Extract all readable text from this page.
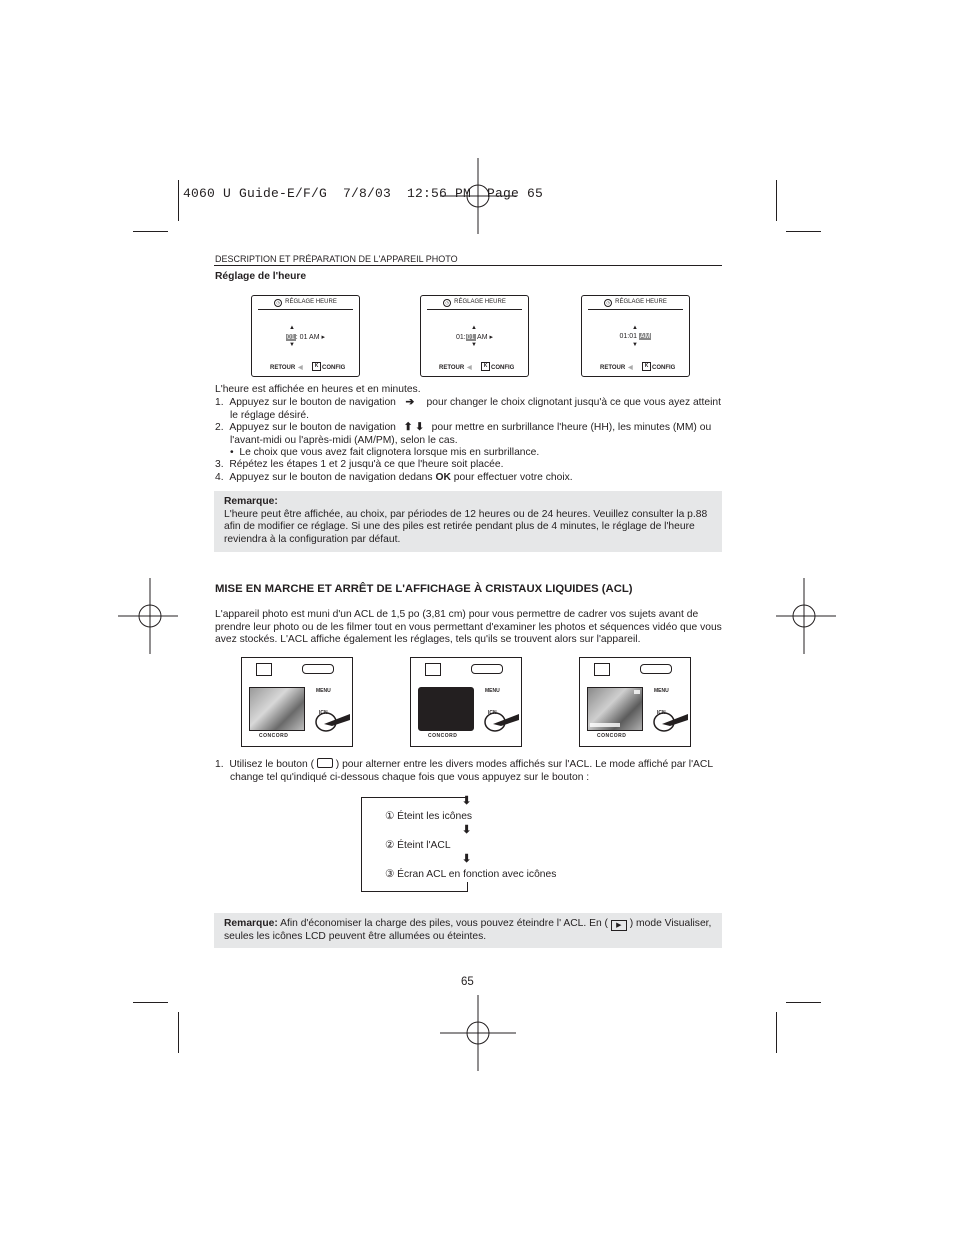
4060 U Guide-E/F/G  7/8/03  12:56 PM  Page 65
DESCRIPTION ET PRÉPARATION DE L'APPAREIL PHOTO
Réglage de l'heure
◷ RÉGLAGE HEURE
▲
01: 01 AM ▸
▼
RETOUR ◀	K CONFIG
◷ RÉGLAGE HEURE
▲
01:01 AM ▸
▼
RETOUR ◀	K CONFIG
◷ RÉGLAGE HEURE
▲
01:01 AM
▼
RETOUR ◀	K CONFIG
L'heure est affichée en heures et en minutes.
1. Appuyez sur le bouton de navigation ➔ pour changer le choix clignotant jusqu'à ce que vous ayez atteint
le réglage désiré.
2. Appuyez sur le bouton de navigation ⬆ ⬇ pour mettre en surbrillance l'heure (HH), les minutes (MM) ou
l'avant-midi ou l'après-midi (AM/PM), selon le cas.
• Le choix que vous avez fait clignotera lorsque mis en surbrillance.
3. Répétez les étapes 1 et 2 jusqu'à ce que l'heure soit placée.
4. Appuyez sur le bouton de navigation dedans OK pour effectuer votre choix.
Remarque:
L'heure peut être affichée, au choix, par périodes de 12 heures ou de 24 heures. Veuillez consulter la p.88
afin de modifier ce réglage. Si une des piles est retirée pendant plus de 4 minutes, le réglage de l'heure
reviendra à la configuration par défaut.
MISE EN MARCHE ET ARRÊT DE L'AFFICHAGE À CRISTAUX LIQUIDES (ACL)
L'appareil photo est muni d'un ACL de 1,5 po (3,81 cm) pour vous permettre de cadrer vos sujets avant de
prendre leur photo ou de les filmer tout en vous permettant d'examiner les photos et séquences vidéo que vous
avez stockés. L'ACL affiche également les réglages, tels qu'ils se trouvent alors sur l'appareil.
MENU
ICN
CONCORD
MENU
ICN
CONCORD
MENU
ICN
CONCORD
1. Utilisez le bouton ( ) pour alterner entre les divers modes affichés sur l'ACL. Le mode affiché par l'ACL
change tel qu'indiqué ci-dessous chaque fois que vous appuyez sur le bouton :
⬇
① Éteint les icônes
⬇
② Éteint l'ACL
⬇
③ Écran ACL en fonction avec icônes
Remarque: Afin d'économiser la charge des piles, vous pouvez éteindre l' ACL. En ( ▶ ) mode Visualiser,
seules les icônes LCD peuvent être allumées ou éteintes.
65
